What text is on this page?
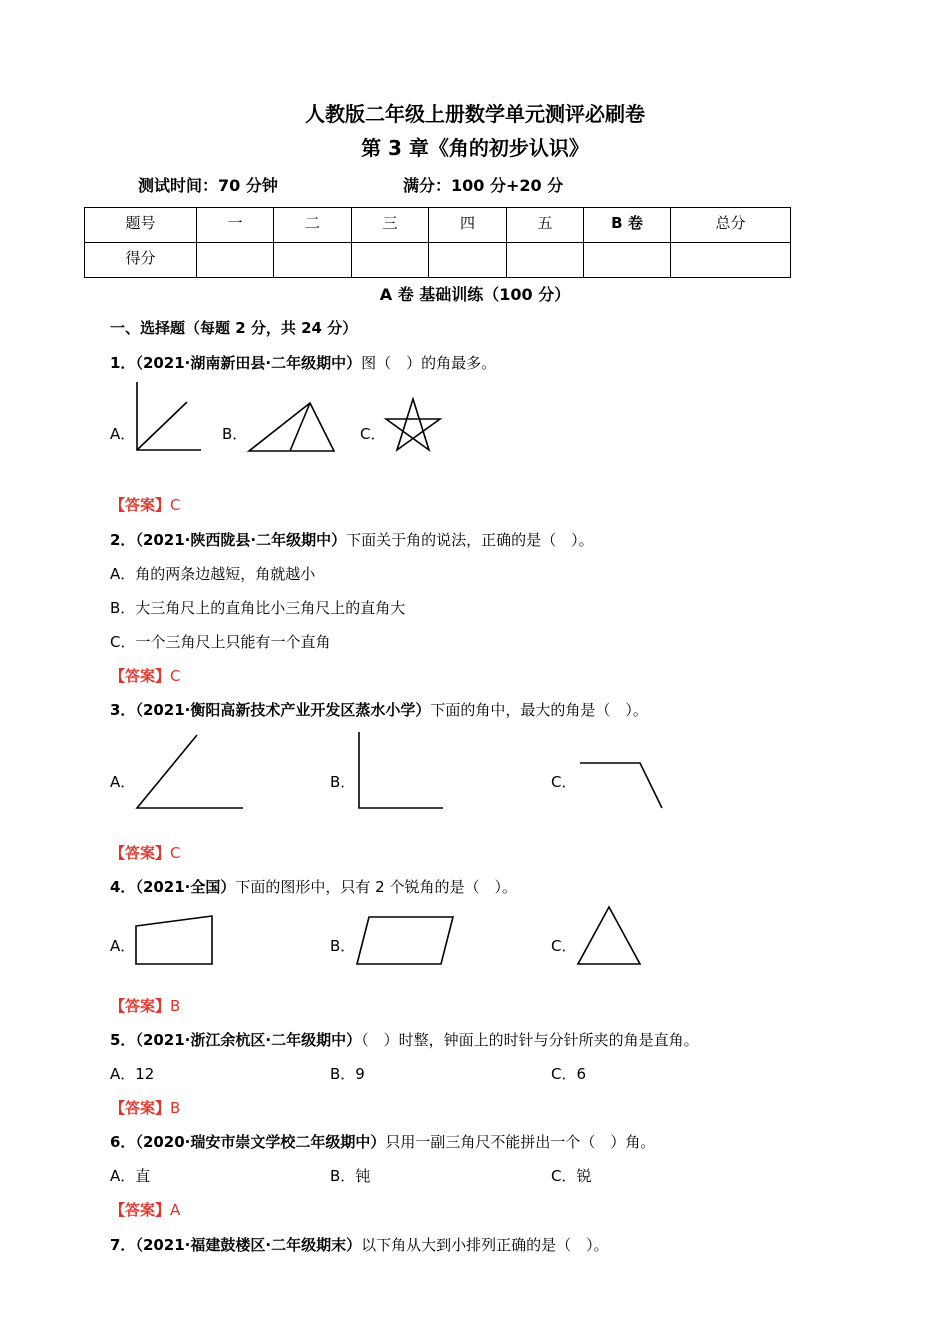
人教版二年级上册数学单元测评必刷卷
第 3 章《角的初步认识》
测试时间：70 分钟	满分：100 分+20 分
题号	一	二	三	四	五	B 卷	总分

得分							

A 卷 基础训练（100 分）
一、选择题（每题 2 分，共 24 分）
1．（2021·湖南新田县·二年级期中）图（　）的角最多。
A．	B．	C．
【答案】C
2．（2021·陕西陇县·二年级期中）下面关于角的说法，正确的是（　）。
A．角的两条边越短，角就越小
B．大三角尺上的直角比小三角尺上的直角大
C．一个三角尺上只能有一个直角
【答案】C
3．（2021·衡阳高新技术产业开发区蒸水小学）下面的角中，最大的角是（　）。
A．	B．	C．
【答案】C
4．（2021·全国）下面的图形中，只有 2 个锐角的是（　）。
A．	B．	C．
【答案】B
5．（2021·浙江余杭区·二年级期中）（　）时整，钟面上的时针与分针所夹的角是直角。
A．12	B．9	C．6
【答案】B
6．（2020·瑞安市崇文学校二年级期中）只用一副三角尺不能拼出一个（　）角。
A．直	B．钝	C．锐
【答案】A
7．（2021·福建鼓楼区·二年级期末）以下角从大到小排列正确的是（　）。
